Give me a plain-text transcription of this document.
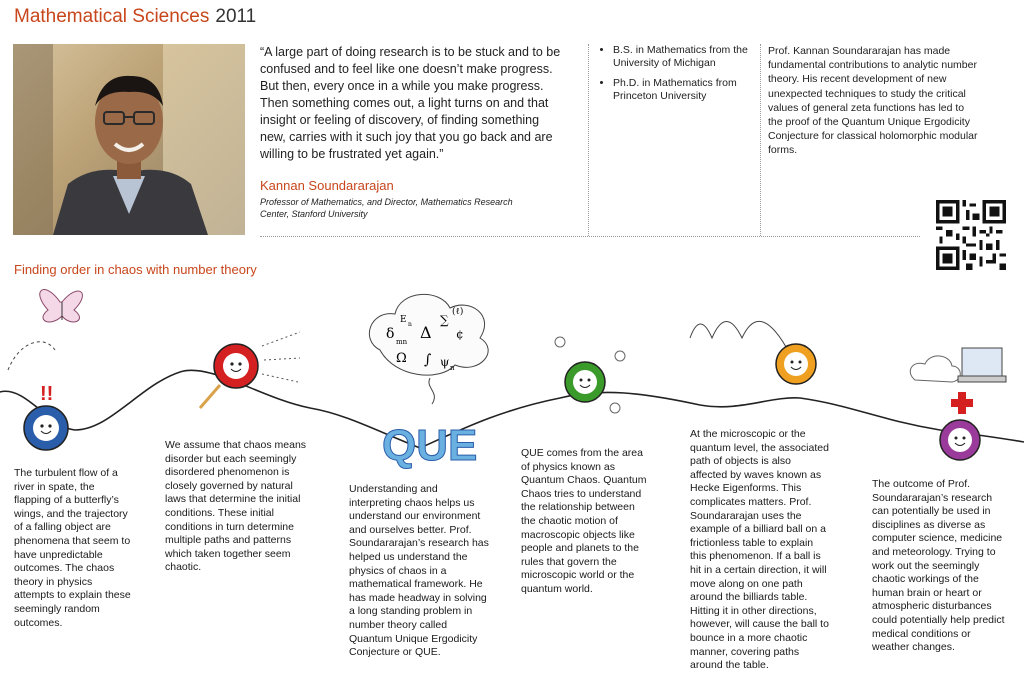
Mathematical Sciences 2011
“A large part of doing research is to be stuck and to be confused and to feel like one doesn’t make progress. But then, every once in a while you make progress. Then something comes out, a light turns on and that insight or feeling of discovery, of finding something new, carries with it such joy that you go back and are willing to be frustrated yet again.”
Kannan Soundararajan
Professor of Mathematics, and Director, Mathematics Research Center, Stanford University
• B.S. in Mathematics from the University of Michigan
• Ph.D. in Mathematics from Princeton University
Prof. Kannan Soundararajan has made fundamental contributions to analytic number theory. His recent development of new unexpected techniques to study the critical values of general zeta functions has led to the proof of the Quantum Unique Ergodicity Conjecture for classical holomorphic modular forms.
Finding order in chaos with number theory
!!
E n
δ mn Δ
∑
(ℓ)
¢
Ω ∫ ψ n
QUE
The turbulent flow of a river in spate, the flapping of a butterfly’s wings, and the trajectory of a falling object are phenomena that seem to have unpredictable outcomes. The chaos theory in physics attempts to explain these seemingly random outcomes.
We assume that chaos means disorder but each seemingly disordered phenomenon is closely governed by natural laws that determine the initial conditions. These initial conditions in turn determine multiple paths and patterns which taken together seem chaotic.
Understanding and interpreting chaos helps us understand our environment and ourselves better. Prof. Soundararajan’s research has helped us understand the physics of chaos in a mathematical framework. He has made headway in solving a long standing problem in number theory called Quantum Unique Ergodicity Conjecture or QUE.
QUE comes from the area of physics known as Quantum Chaos. Quantum Chaos tries to understand the relationship between the chaotic motion of macroscopic objects like people and planets to the rules that govern the microscopic world or the quantum world.
At the microscopic or the quantum level, the associated path of objects is also affected by waves known as Hecke Eigenforms. This complicates matters. Prof. Soundararajan uses the example of a billiard ball on a frictionless table to explain this phenomenon. If a ball is hit in a certain direction, it will move along on one path around the billiards table. Hitting it in other directions, however, will cause the ball to bounce in a more chaotic manner, covering paths around the table.
The outcome of Prof. Soundararajan’s research can potentially be used in disciplines as diverse as computer science, medicine and meteorology. Trying to work out the seemingly chaotic workings of the human brain or heart or atmospheric disturbances could potentially help predict medical conditions or weather changes.
